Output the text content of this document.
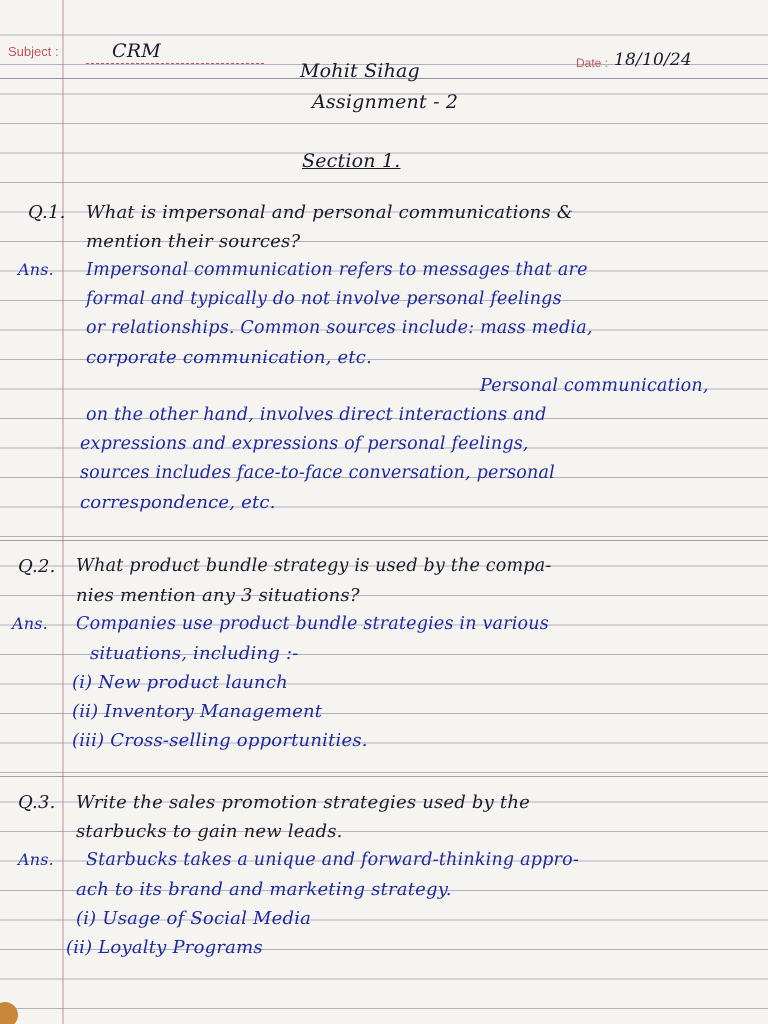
Subject :	CRM
Date : 18/10/24
Mohit Sihag
Assignment - 2
Section 1.
Q.1. What is impersonal and personal communications &
mention their sources?
Ans. Impersonal communication refers to messages that are
formal and typically do not involve personal feelings
or relationships. Common sources include: mass media,
corporate communication, etc.
Personal communication,
on the other hand, involves direct interactions and
expressions and expressions of personal feelings,
sources includes face-to-face conversation, personal
correspondence, etc.
Q.2. What product bundle strategy is used by the compa-
nies mention any 3 situations?
Ans. Companies use product bundle strategies in various
situations, including :-
(i) New product launch
(ii) Inventory Management
(iii) Cross-selling opportunities.
Q.3. Write the sales promotion strategies used by the
starbucks to gain new leads.
Ans. Starbucks takes a unique and forward-thinking appro-
ach to its brand and marketing strategy.
(i) Usage of Social Media
(ii) Loyalty Programs
